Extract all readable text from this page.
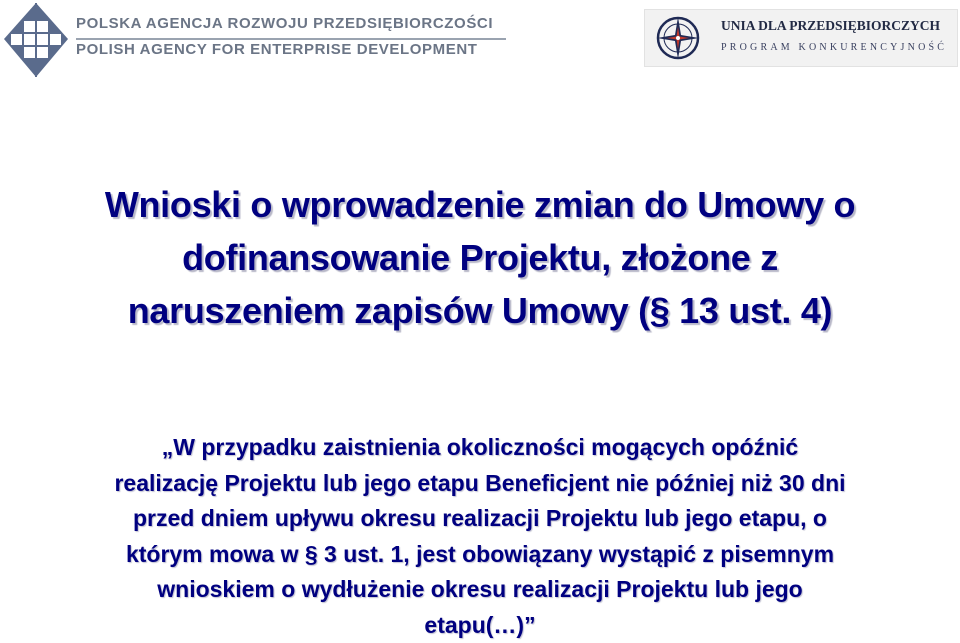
POLSKA AGENCJA ROZWOJU PRZEDSIĘBIORCZOŚCI
POLISH AGENCY FOR ENTERPRISE DEVELOPMENT
UNIA DLA PRZEDSIĘBIORCZYCH
PROGRAM KONKURENCYJNOŚĆ
Wnioski o wprowadzenie zmian do Umowy o
dofinansowanie Projektu, złożone z
naruszeniem zapisów Umowy (§ 13 ust. 4)

„W przypadku zaistnienia okoliczności mogących opóźnić
realizację Projektu lub jego etapu Beneficjent nie później niż 30 dni
przed dniem upływu okresu realizacji Projektu lub jego etapu, o
którym mowa w § 3 ust. 1, jest obowiązany wystąpić z pisemnym
wnioskiem o wydłużenie okresu realizacji Projektu lub jego
etapu(…)”
